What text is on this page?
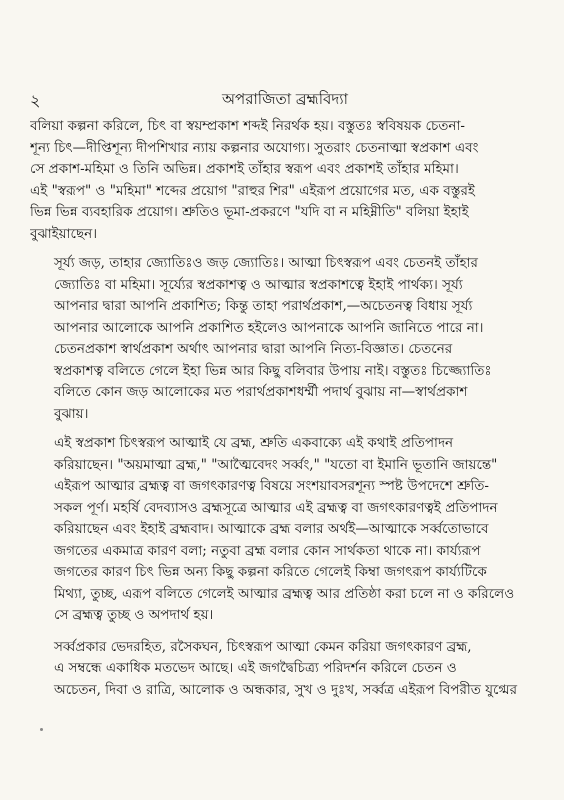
২	অপরাজিতা ব্রহ্মবিদ্যা

বলিয়া কল্পনা করিলে, চিৎ বা স্বয়ম্প্রকাশ শব্দই নিরর্থক হয়। বস্তুতঃ স্ববিষয়ক চেতনা-
শূন্য চিৎ—দীপ্তিশূন্য দীপশিখার ন্যায় কল্পনার অযোগ্য। সুতরাং চেতনাত্মা স্বপ্রকাশ এবং
সে প্রকাশ-মহিমা ও তিনি অভিন্ন। প্রকাশই তাঁহার স্বরূপ এবং প্রকাশই তাঁহার মহিমা।
এই "স্বরূপ" ও "মহিমা" শব্দের প্রয়োগ "রাহুর শির" এইরূপ প্রয়োগের মত, এক বস্তুরই
ভিন্ন ভিন্ন ব্যবহারিক প্রয়োগ। শ্রুতিও ভূমা-প্রকরণে "যদি বা ন মহিম্নীতি" বলিয়া ইহাই
বুঝাইয়াছেন।

সূর্য্য জড়, তাহার জ্যোতিঃও জড় জ্যোতিঃ। আত্মা চিৎস্বরূপ এবং চেতনই তাঁহার
জ্যোতিঃ বা মহিমা। সূর্য্যের স্বপ্রকাশত্ব ও আত্মার স্বপ্রকাশত্বে ইহাই পার্থক্য। সূর্য্য
আপনার দ্বারা আপনি প্রকাশিত; কিন্তু তাহা পরার্থপ্রকাশ,—অচেতনত্ব বিধায় সূর্য্য
আপনার আলোকে আপনি প্রকাশিত হইলেও আপনাকে আপনি জানিতে পারে না।
চেতনপ্রকাশ স্বার্থপ্রকাশ অর্থাৎ আপনার দ্বারা আপনি নিত্য-বিজ্ঞাত। চেতনের
স্বপ্রকাশত্ব বলিতে গেলে ইহা ভিন্ন আর কিছু বলিবার উপায় নাই। বস্তুতঃ চিজ্জ্যোতিঃ
বলিতে কোন জড় আলোকের মত পরার্থপ্রকাশধর্ম্মী পদার্থ বুঝায় না—স্বার্থপ্রকাশ
বুঝায়।

এই স্বপ্রকাশ চিৎস্বরূপ আত্মাই যে ব্রহ্ম, শ্রুতি একবাক্যে এই কথাই প্রতিপাদন
করিয়াছেন। "অয়মাত্মা ব্রহ্ম," "আত্মৈবেদং সর্ব্বং," "যতো বা ইমানি ভূতানি জায়ন্তে"
এইরূপ আত্মার ব্রহ্মত্ব বা জগৎকারণত্ব বিষয়ে সংশয়াবসরশূন্য স্পষ্ট উপদেশে শ্রুতি-
সকল পূর্ণ। মহর্ষি বেদব্যাসও ব্রহ্মসূত্রে আত্মার এই ব্রহ্মত্ব বা জগৎকারণত্বই প্রতিপাদন
করিয়াছেন এবং ইহাই ব্রহ্মবাদ। আত্মাকে ব্রহ্ম বলার অর্থই—আত্মাকে সর্ব্বতোভাবে
জগতের একমাত্র কারণ বলা; নতুবা ব্রহ্ম বলার কোন সার্থকতা থাকে না। কার্য্যরূপ
জগতের কারণ চিৎ ভিন্ন অন্য কিছু কল্পনা করিতে গেলেই কিম্বা জগৎরূপ কার্য্যটিকে
মিথ্যা, তুচ্ছ, এরূপ বলিতে গেলেই আত্মার ব্রহ্মত্ব আর প্রতিষ্ঠা করা চলে না ও করিলেও
সে ব্রহ্মত্ব তুচ্ছ ও অপদার্থ হয়।

সর্ব্বপ্রকার ভেদরহিত, রসৈকঘন, চিৎস্বরূপ আত্মা কেমন করিয়া জগৎকারণ ব্রহ্ম,
এ সম্বন্ধে একাধিক মতভেদ আছে। এই জগদ্বৈচিত্র্য পরিদর্শন করিলে চেতন ও
অচেতন, দিবা ও রাত্রি, আলোক ও অন্ধকার, সুখ ও দুঃখ, সর্ব্বত্র এইরূপ বিপরীত যুগ্মের
